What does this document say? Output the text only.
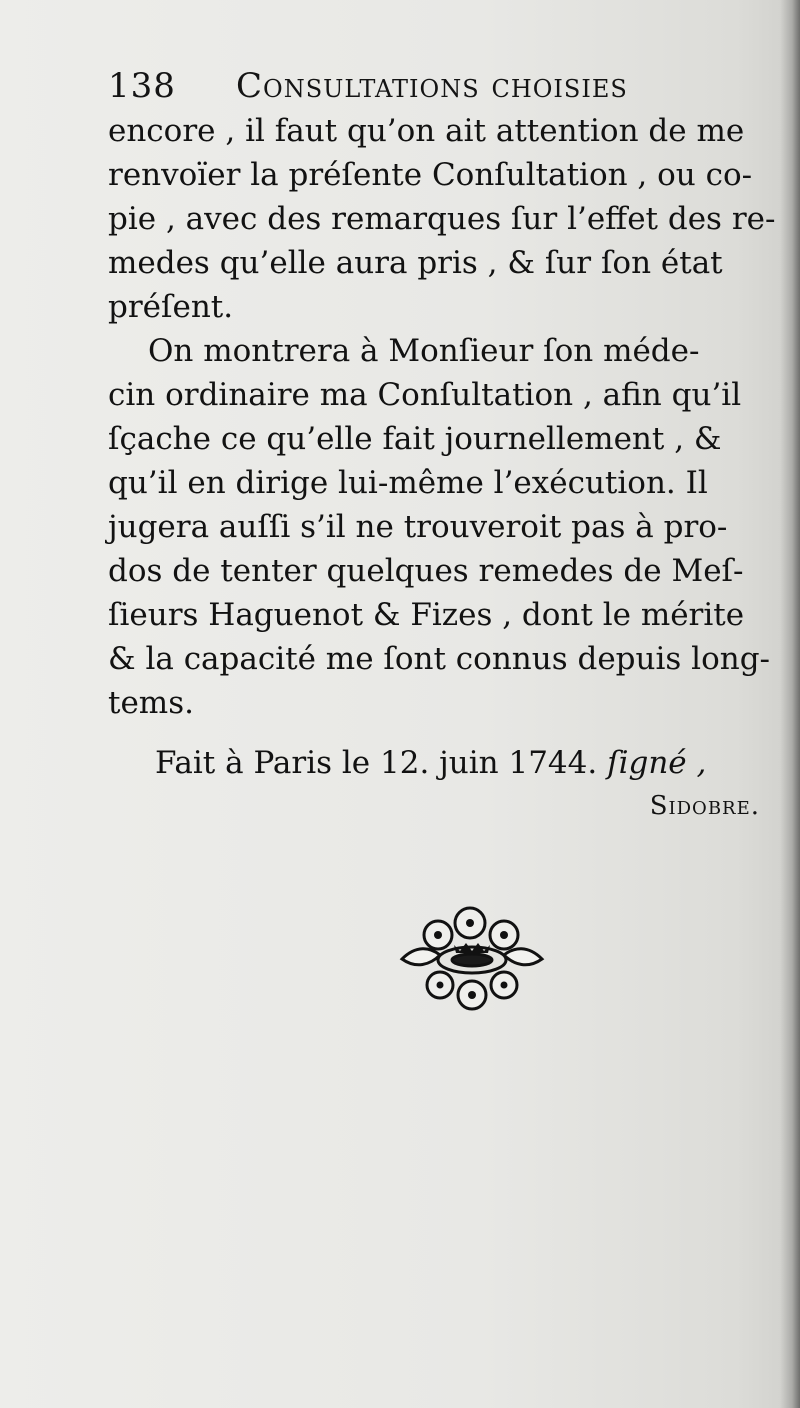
138 Consultations choisies
encore , il faut qu’on ait attention de me
renvoïer la préſente Conſultation , ou co-
pie , avec des remarques ſur l’effet des re-
medes qu’elle aura pris , & ſur ſon état
préſent.
On montrera à Monſieur ſon méde-
cin ordinaire ma Conſultation , afin qu’il
ſçache ce qu’elle fait journellement , &
qu’il en dirige lui-même l’exécution. Il
jugera auſſi s’il ne trouveroit pas à pro-
dos de tenter quelques remedes de Meſ-
ſieurs Haguenot & Fizes , dont le mérite
& la capacité me ſont connus depuis long-
tems.
Fait à Paris le 12. juin 1744. ſigné ,
Sidobre.
